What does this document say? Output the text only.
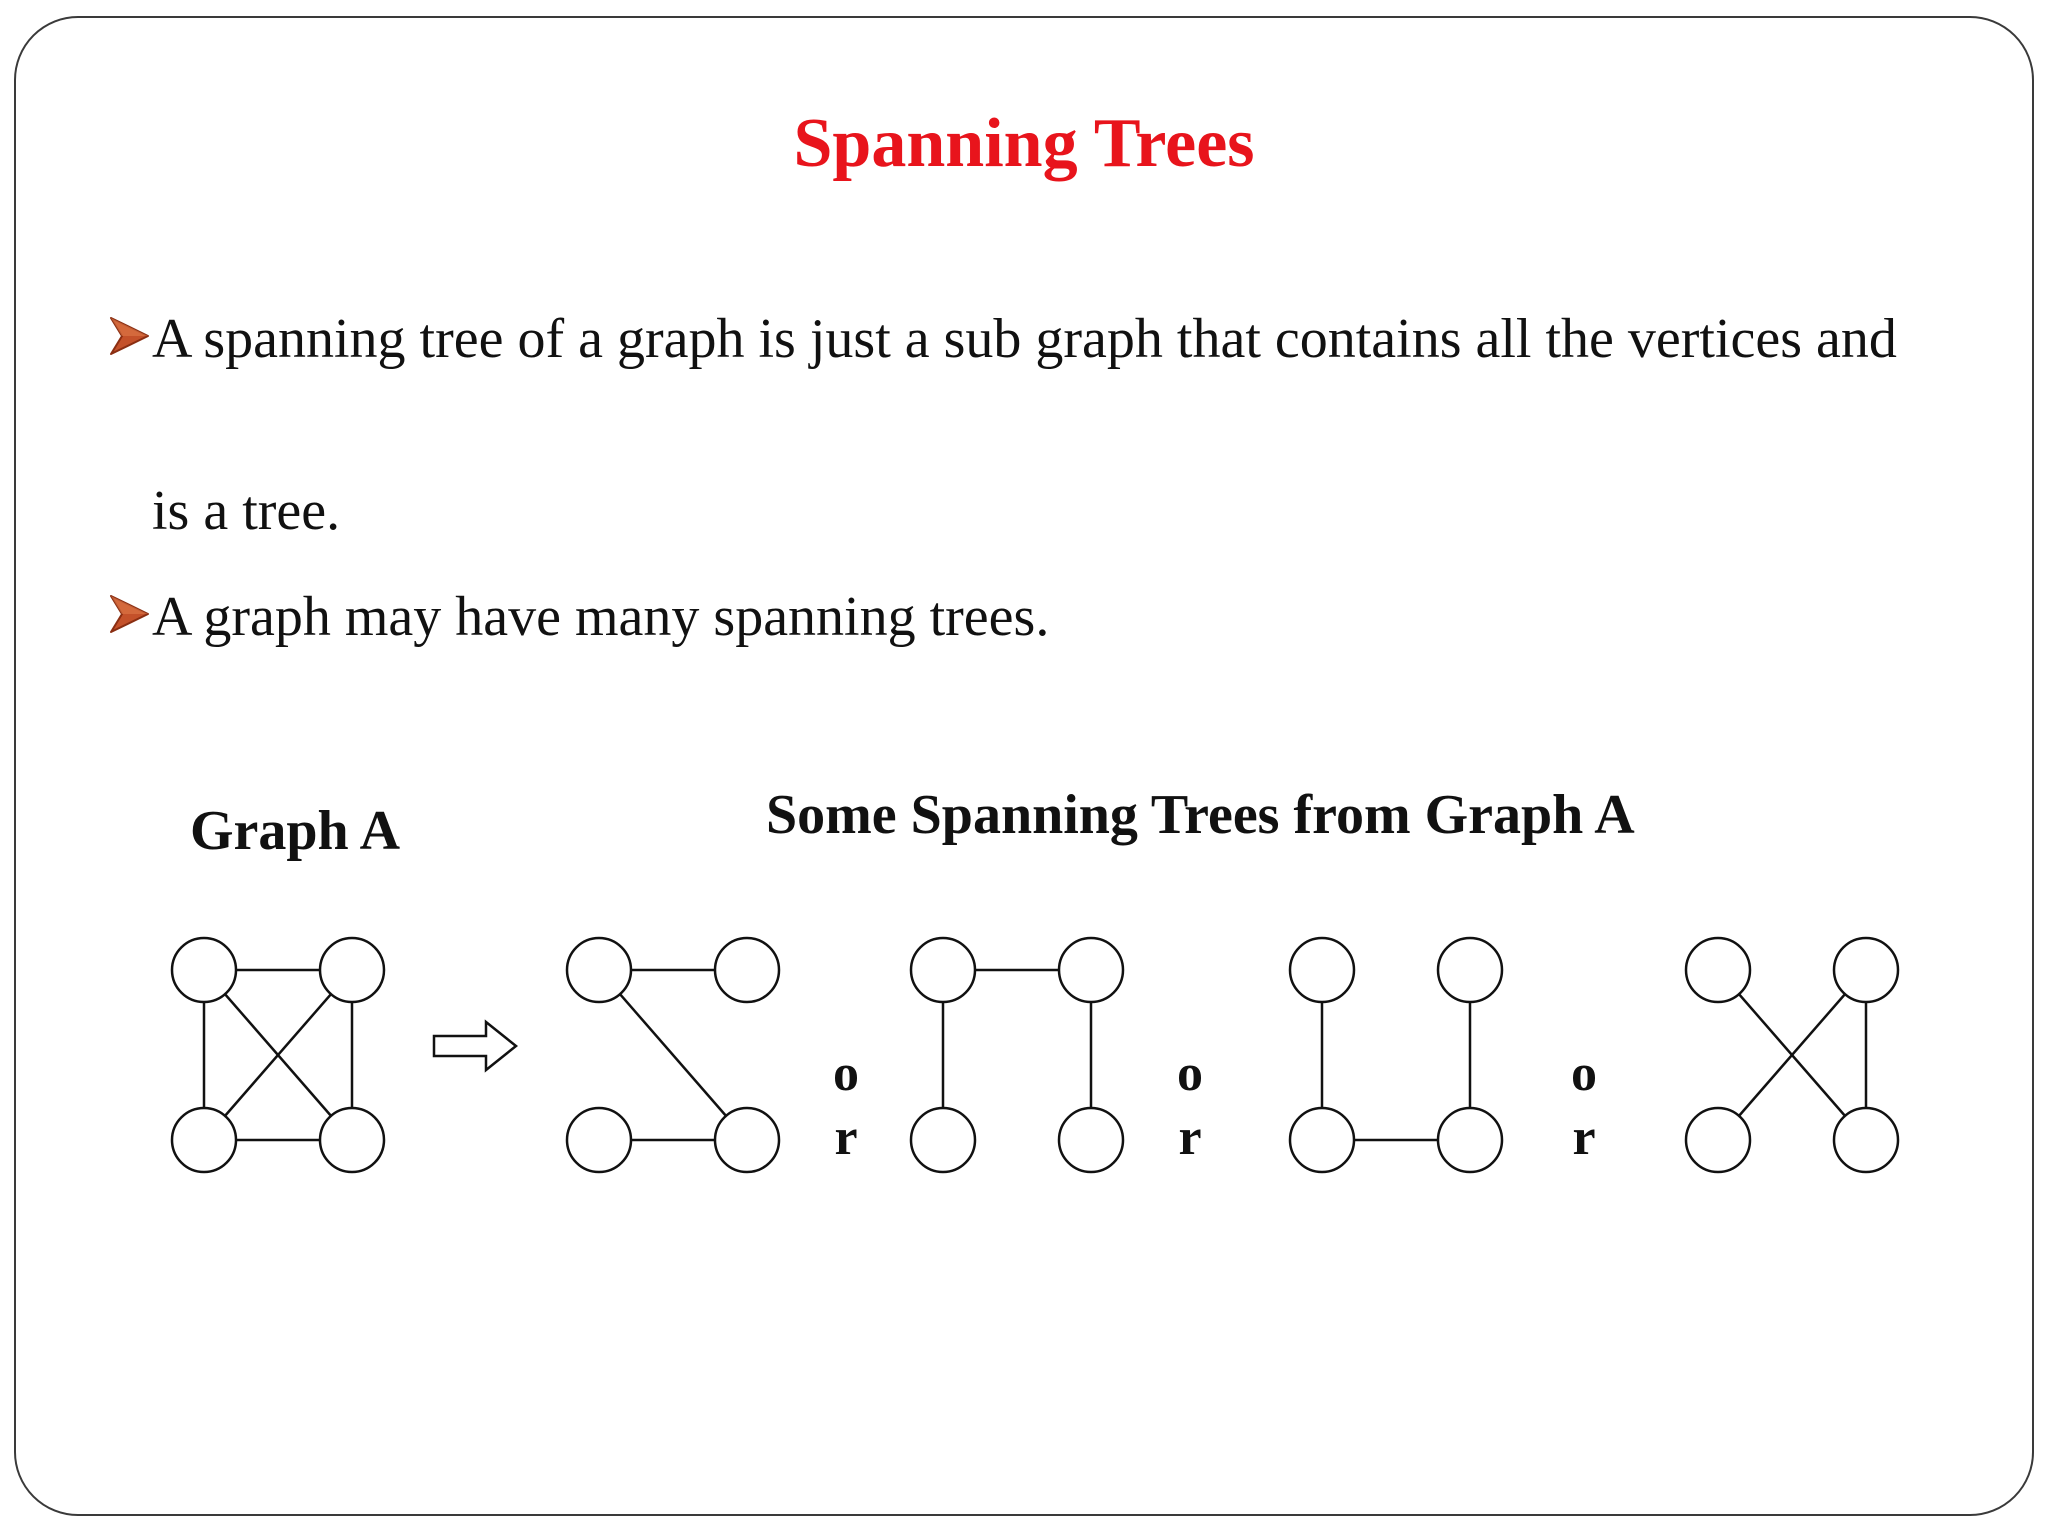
Spanning Trees
A spanning tree of a graph is just a sub graph that contains all the vertices and
is a tree.
A graph may have many spanning trees.
Graph A	Some Spanning Trees from Graph A
o
r
o
r
o
r
